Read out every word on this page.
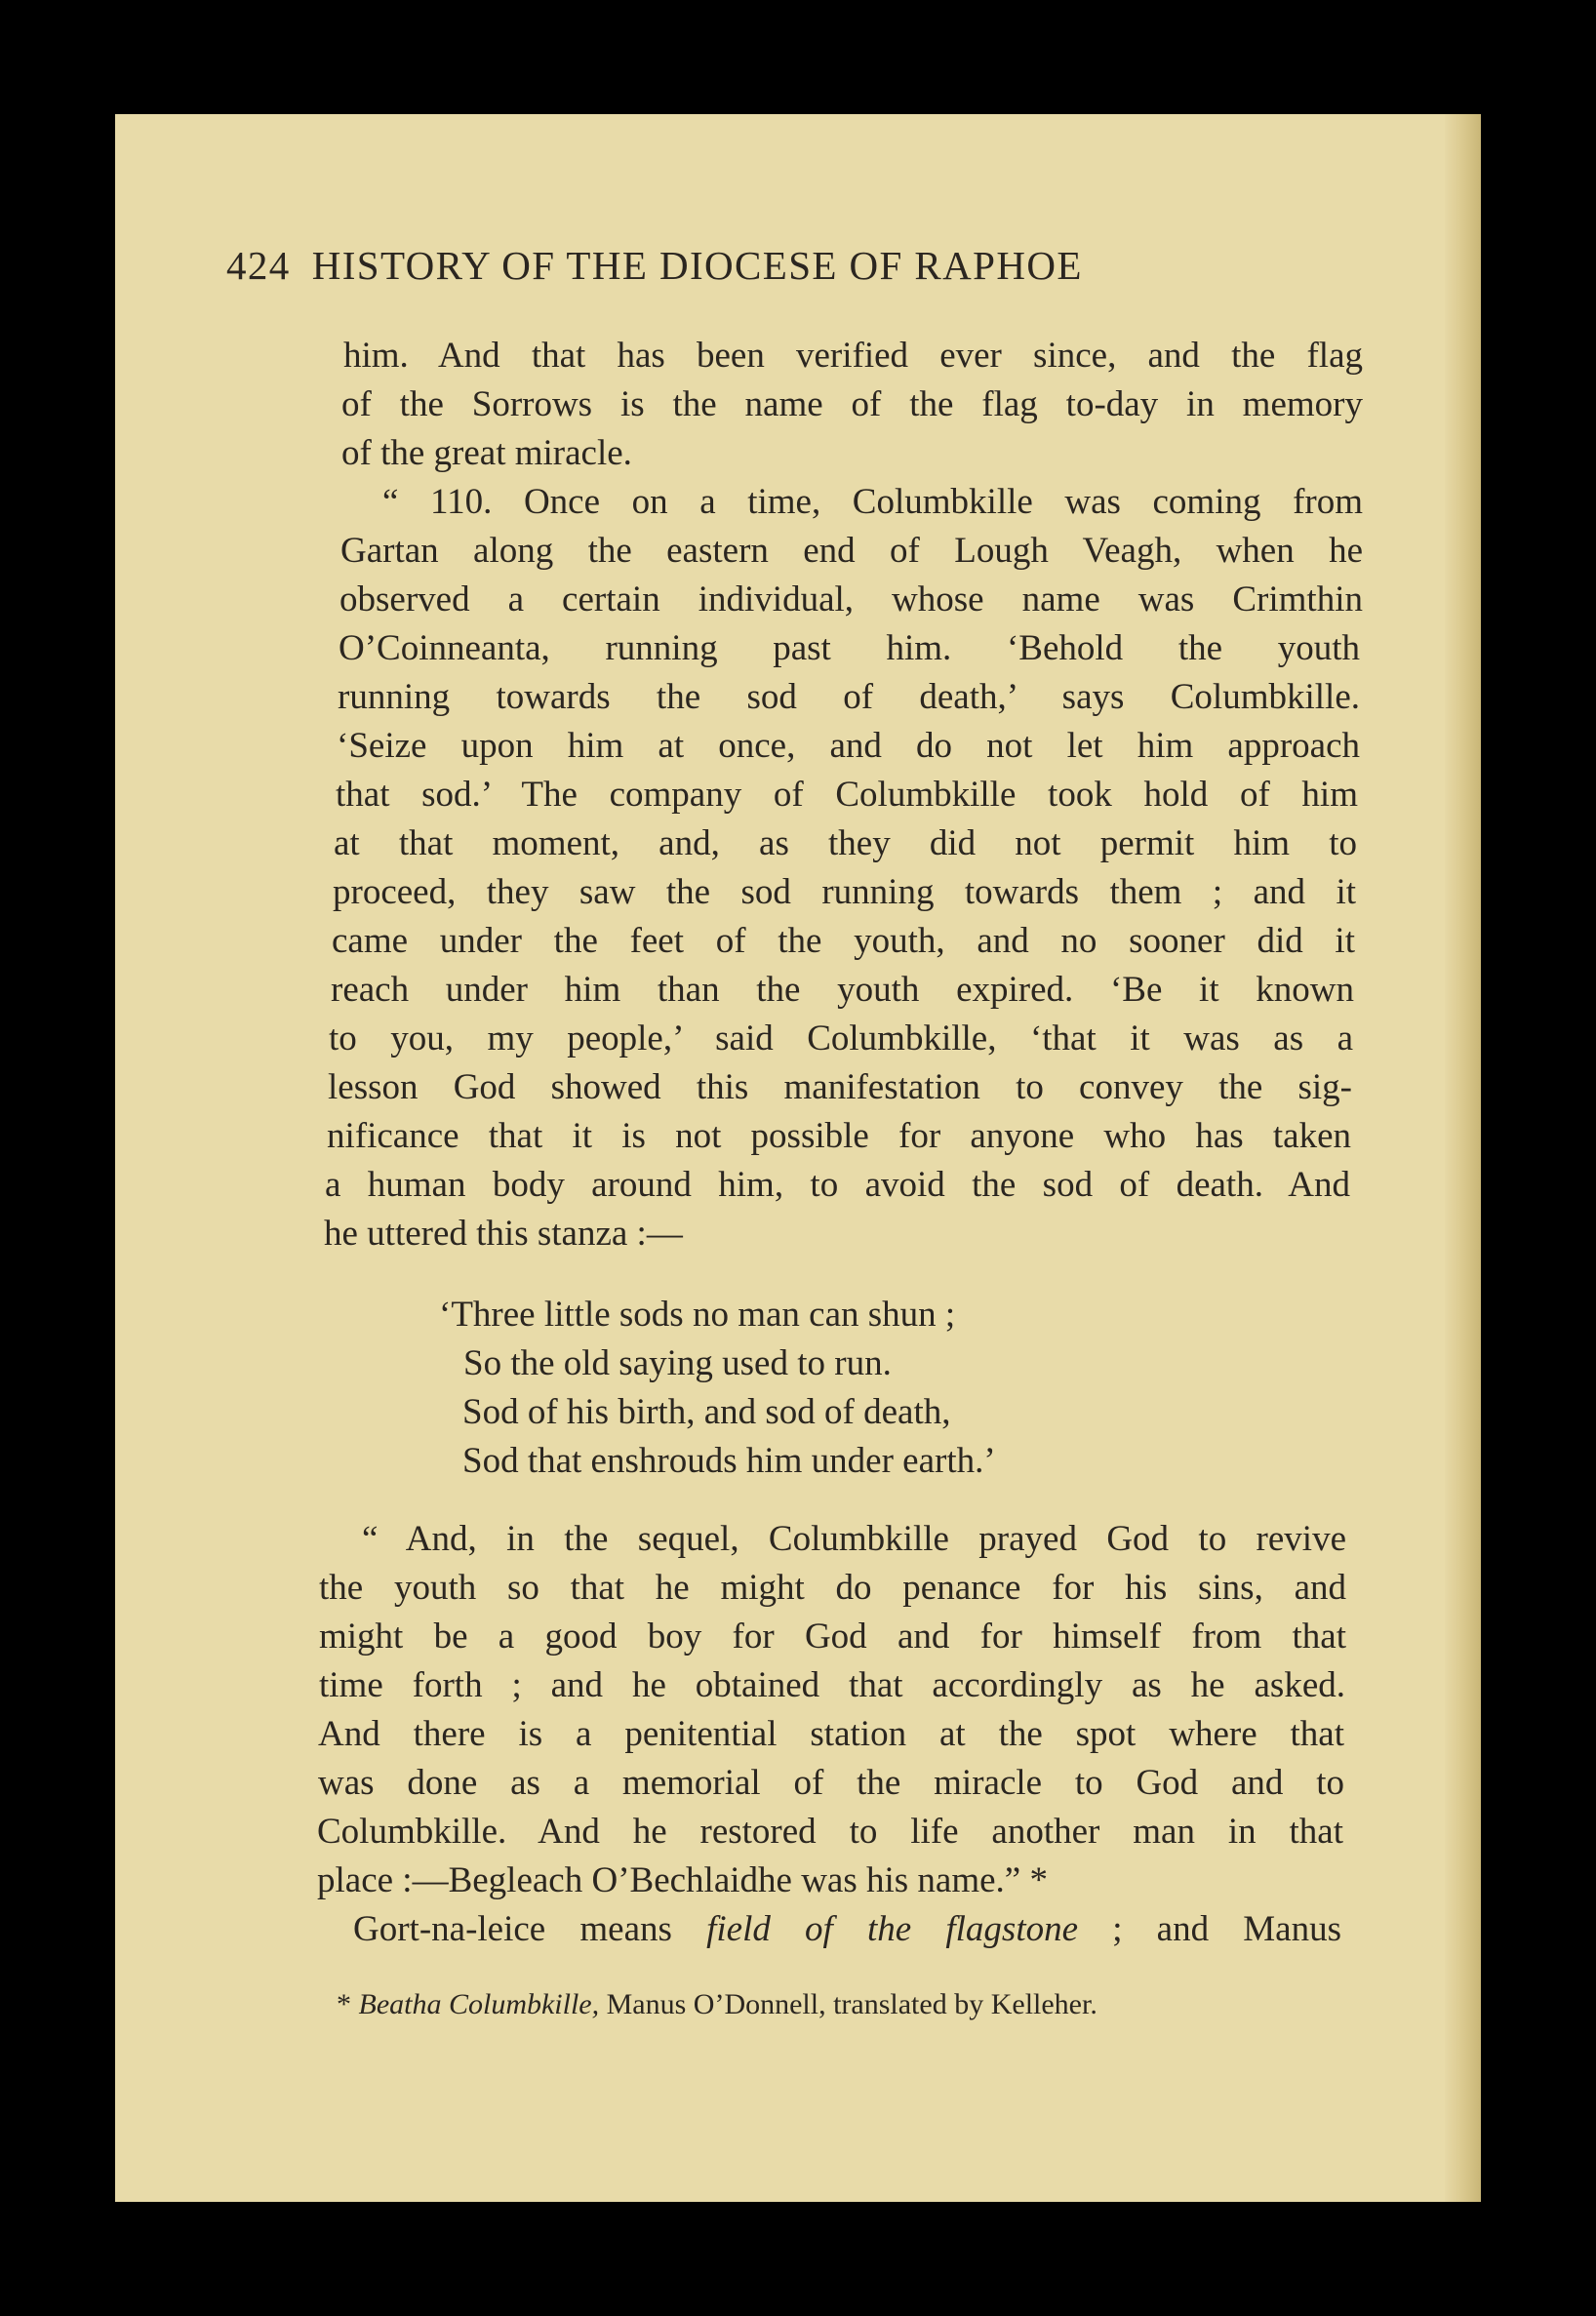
424 HISTORY OF THE DIOCESE OF RAPHOE
him. And that has been verified ever since, and the flag
of the Sorrows is the name of the flag to-day in memory
of the great miracle.
“ 110. Once on a time, Columbkille was coming from
Gartan along the eastern end of Lough Veagh, when he
observed a certain individual, whose name was Crimthin
O’Coinneanta, running past him. ‘Behold the youth
running towards the sod of death,’ says Columbkille.
‘Seize upon him at once, and do not let him approach
that sod.’ The company of Columbkille took hold of him
at that moment, and, as they did not permit him to
proceed, they saw the sod running towards them ; and it
came under the feet of the youth, and no sooner did it
reach under him than the youth expired. ‘Be it known
to you, my people,’ said Columbkille, ‘that it was as a
lesson God showed this manifestation to convey the sig-
nificance that it is not possible for anyone who has taken
a human body around him, to avoid the sod of death. And
he uttered this stanza :—
‘Three little sods no man can shun ;
So the old saying used to run.
Sod of his birth, and sod of death,
Sod that enshrouds him under earth.’
“ And, in the sequel, Columbkille prayed God to revive
the youth so that he might do penance for his sins, and
might be a good boy for God and for himself from that
time forth ; and he obtained that accordingly as he asked.
And there is a penitential station at the spot where that
was done as a memorial of the miracle to God and to
Columbkille. And he restored to life another man in that
place :—Begleach O’Bechlaidhe was his name.” *
Gort-na-leice means field of the flagstone ; and Manus
* Beatha Columbkille, Manus O’Donnell, translated by Kelleher.
